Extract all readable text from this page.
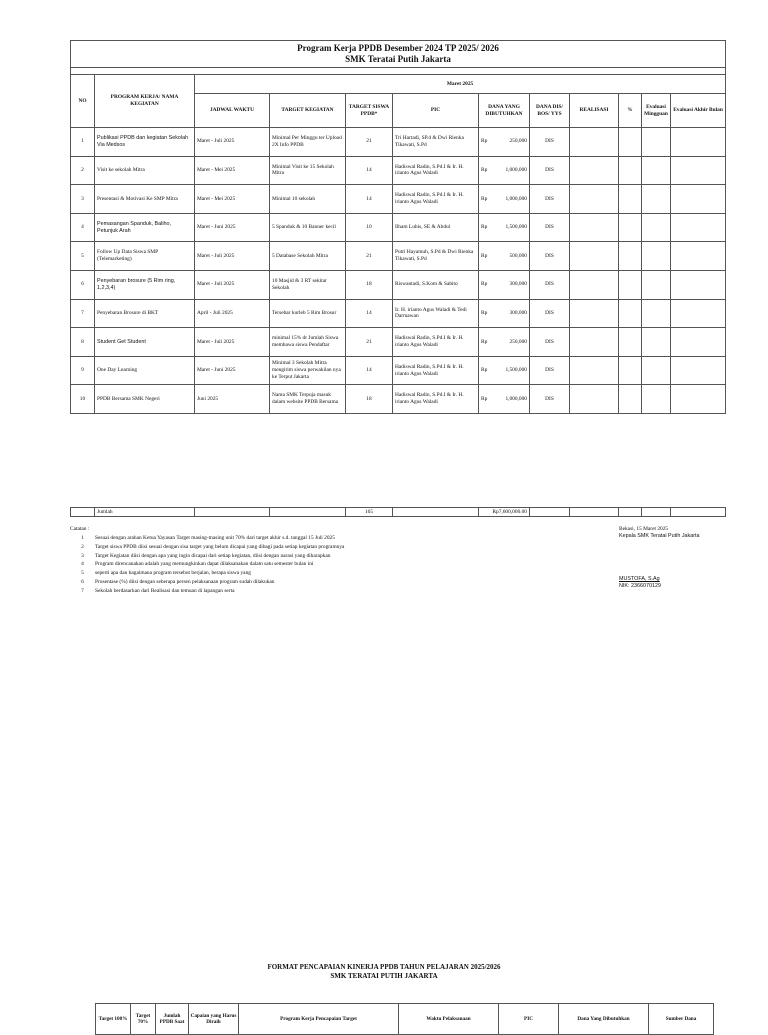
Program Kerja PPDB Desember 2024 TP 2025/ 2026
SMK Teratai Putih Jakarta											

NO	PROGRAM KERJA/ NAMA KEGIATAN	Maret 2025									
		JADWAL WAKTU	TARGET KEGIATAN	TARGET SISWA PPDB*	PIC	DANA YANG DIBUTUHKAN	DANA DIS/ BOS/ YYS	REALISASI	%	Evaluasi Mingguan	Evaluasi Akhir Bulan
1	Publikasi PPDB dan kegiatan Sekolah Via Medsos	Maret - Juli 2025	Minimal Per Minggu ter Upload 2X Info PPDB	21	Tri Hartadi, SP.d & Dwi Rienka Tikawati, S.Pd	Rp 250,000	DIS				
2	Visit ke sekolah Mitra	Maret - Mei 2025	Minimal Visit ke 15 Sekolah Mitra	14	Hadiswal Radin, S.Pd.I & Ir. H. irianto Agus Waladi	Rp 1,000,000	DIS				
3	Presentasi & Motivasi Ke SMP Mitra	Maret - Mei 2025	Minimal 10 sekolah	14	Hadiswal Radin, S.Pd.I & Ir. H. irianto Agus Waladi	Rp 1,000,000	DIS				
4	Pemasangan Spanduk, Baliho, Petunjuk Arah	Maret - Juni 2025	5 Spanduk & 10 Banner kecil	10	Ilham Lubis, SE & Abdul	Rp 1,500,000	DIS				
5	Follow Up Data Siswa SMP (Telemarketing)	Maret - Juli 2025	5 Database Sekolah Mitra	21	Putri Hayamuh, S.Pd & Dwi Rienka Tikawati, S.Pd	Rp 500,000	DIS				
6	Penyebaran brosure (5 Rim ring, 1,2,3,4)	Maret - Juli 2025	10 Masjid & 3 RT sekitar Sekolah	18	Riswantadi, S.Kom & Sabito	Rp 300,000	DIS				
7	Penyebaran Brosure di BKT	April - Juli 2025	Tersebar kurleb 5 Rim Brosur	14	Ir. H. irianto Agus Waladi & Tedi Darmawan	Rp 300,000	DIS				
8	Student Get Student	Maret - Juli 2025	minimal 15% dr Jumlah Siswa membawa siswa Pendaftar	21	Hadiswal Radin, S.Pd.I & Ir. H. irianto Agus Waladi	Rp 250,000	DIS				
9	One Day Learning	Maret - Juni 2025	Minimal 3 Sekolah Mitra mengirim siswa perwakilan nya ke Terput Jakarta	14	Hadiswal Radin, S.Pd.I & Ir. H. irianto Agus Waladi	Rp 1,500,000	DIS				
10	PPDB Bersama SMK Negeri	Juni 2025	Nama SMK Terpuja masuk dalam website PPDB Bersama	18	Hadiswal Radin, S.Pd.I & Ir. H. irianto Agus Waladi	Rp 1,000,000	DIS				
	Jumlah			165		Rp7,600,000.00					
Catatan :
1	Sesuai dengan arahan Ketua Yayasan Target masing-masing unit 70% dari target akhir s.d. tanggal 15 Juli 2025
2	Target siswa PPDB diisi sesuai dengan sisa target yang belum dicapai yang dibagi pada setiap kegiatan programnya
3	Target Kegiatan diisi dengan apa yang ingin dicapai dari setiap kegiatan, diisi dengan narasi yang diharapkan
4	Program direncanakan adalah yang memungkinkan dapat dilaksanakan dalam satu semester bulan ini
5	seperti apa dan bagaimana program tersebut berjalan, berapa siswa yang
6	Prosentase (%) diisi dengan seberapa persen pelaksanaan program sudah dilakukan
7	Sekolah berdasarkan dari Realisasi dan temuan di lapangan serta
Bekasi, 15 Maret 2025
Kepala SMK Teratai Putih Jakarta
MUSTOFA, S.Ag
NIK: 2366070129
FORMAT PENCAPAIAN KINERJA PPDB TAHUN PELAJARAN 2025/2026
SMK TERATAI PUTIH JAKARTA
Target 100%	Target 70%	Jumlah PPDB Saat	Capaian yang Harus Diraih	Program Kerja Pencapaian Target	Waktu Pelaksanaan	PIC	Dana Yang Dibutuhkan	Sumber Dana
